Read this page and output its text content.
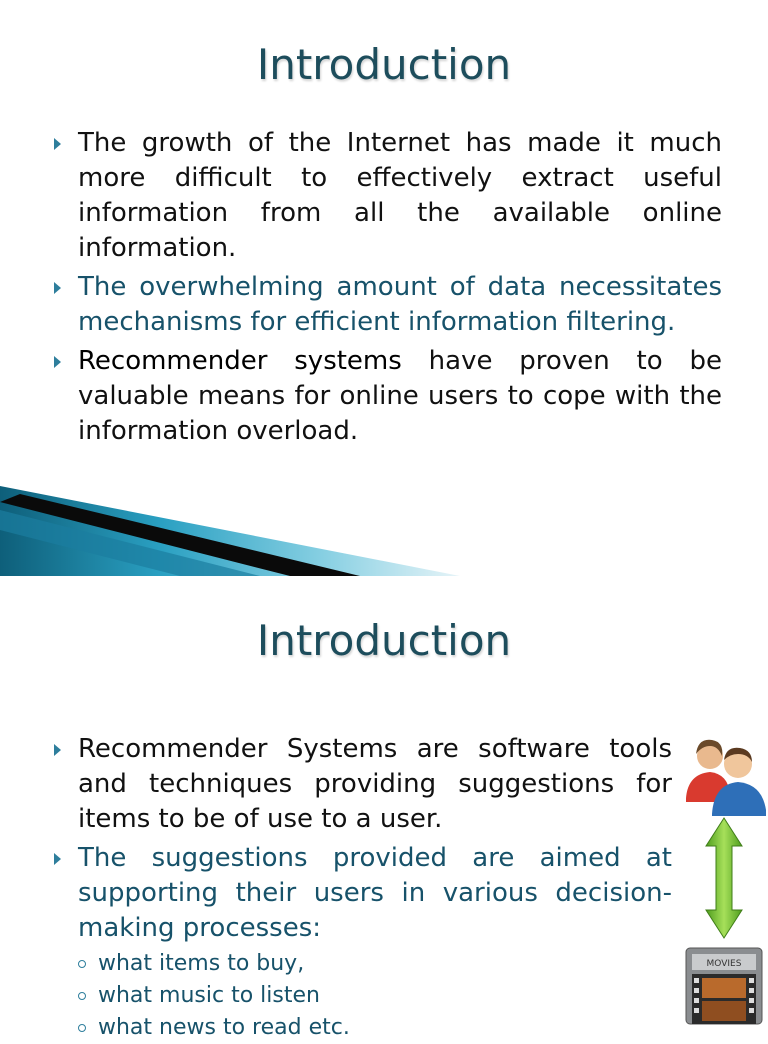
Introduction
The growth of the Internet has made it much more difficult to effectively extract useful information from all the available online information.
The overwhelming amount of data necessitates mechanisms for efficient information filtering.
Recommender systems have proven to be valuable means for online users to cope with the information overload.
Introduction
Recommender Systems are software tools and techniques providing suggestions for items to be of use to a user.
The suggestions provided are aimed at supporting their users in various decision-making processes:
what items to buy,
what music to listen
what news to read etc.
MOVIES
